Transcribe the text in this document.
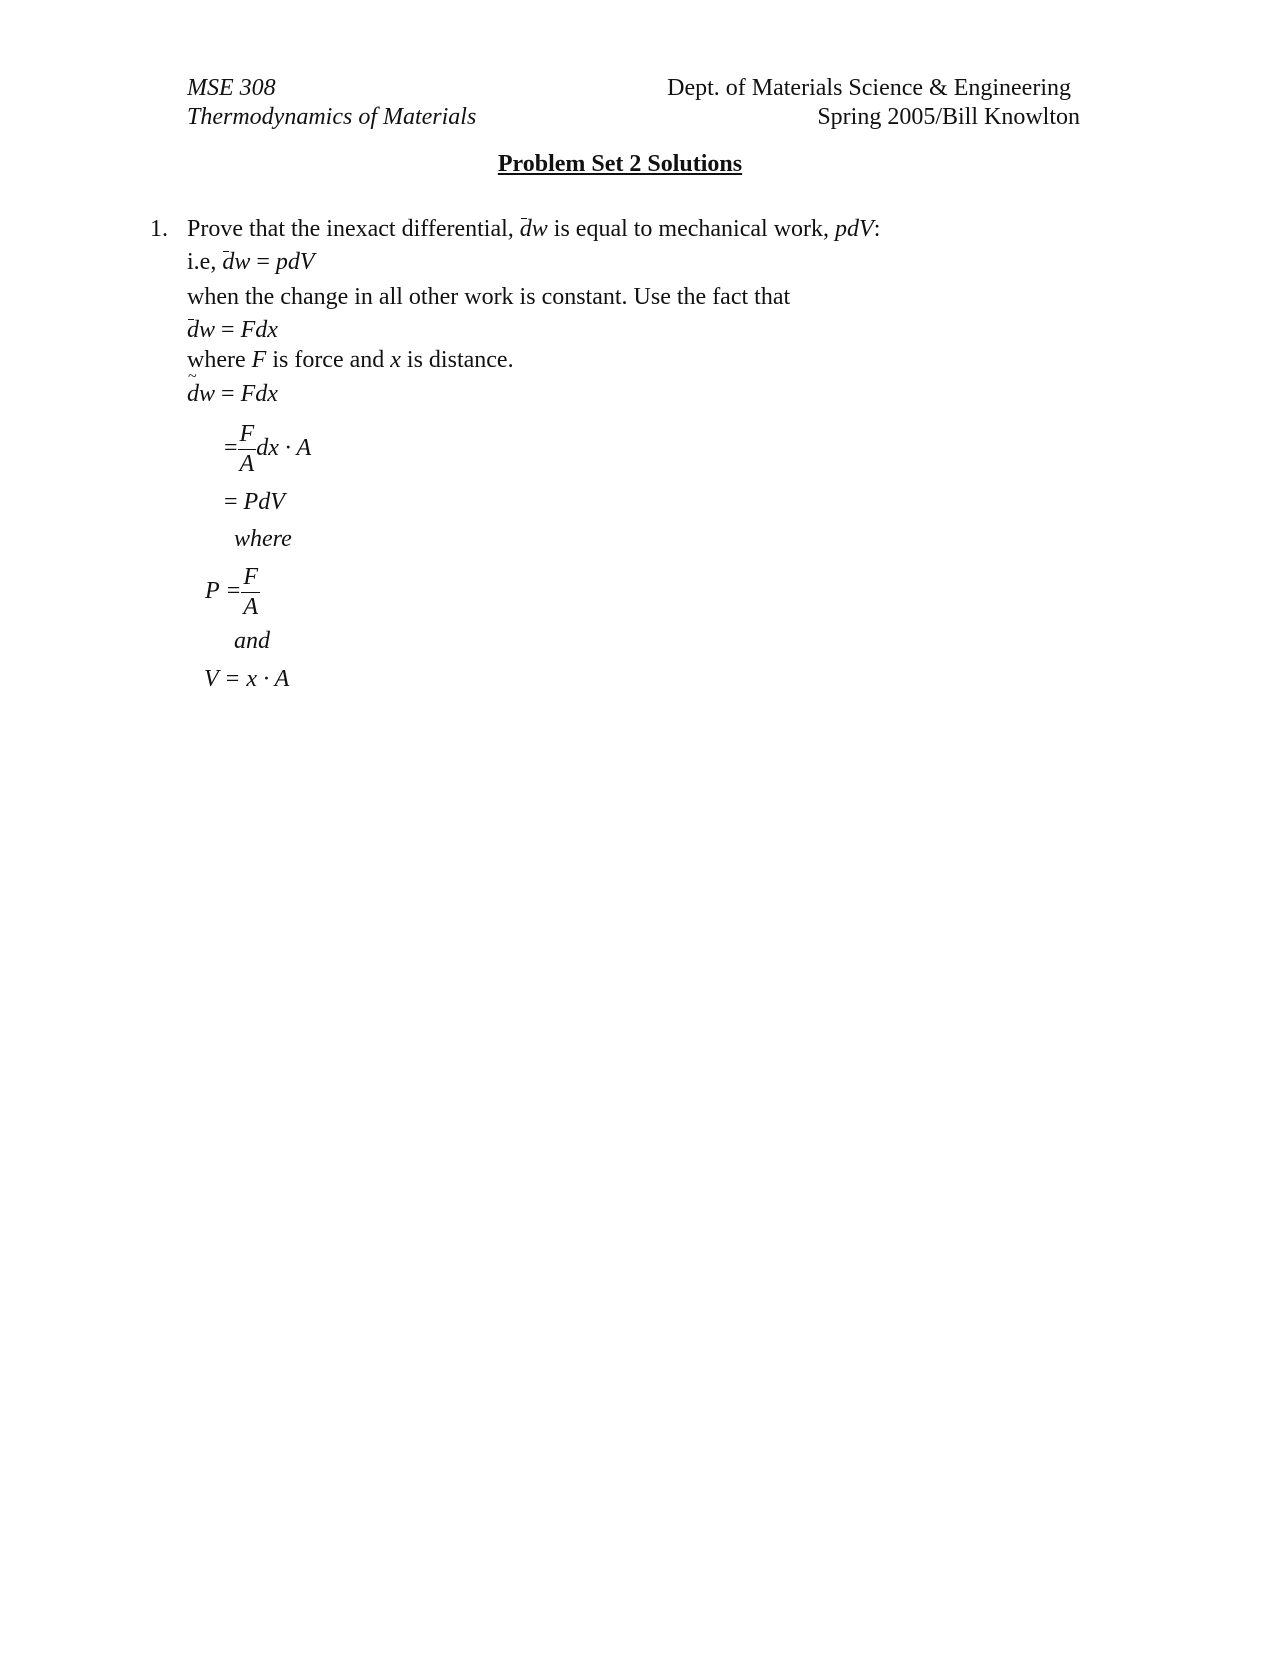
MSE 308
Thermodynamics of Materials
Dept. of Materials Science & Engineering
Spring 2005/Bill Knowlton
Problem Set 2 Solutions
1. Prove that the inexact differential, dw is equal to mechanical work, pdV:
i.e, dw = pdV
when the change in all other work is constant. Use the fact that
dw = Fdx
where F is force and x is distance.
~ dw = Fdx
= $\frac{F}{A}$ dx · A
= PdV
where
$P = \frac{F}{A}$
and
V = x · A
